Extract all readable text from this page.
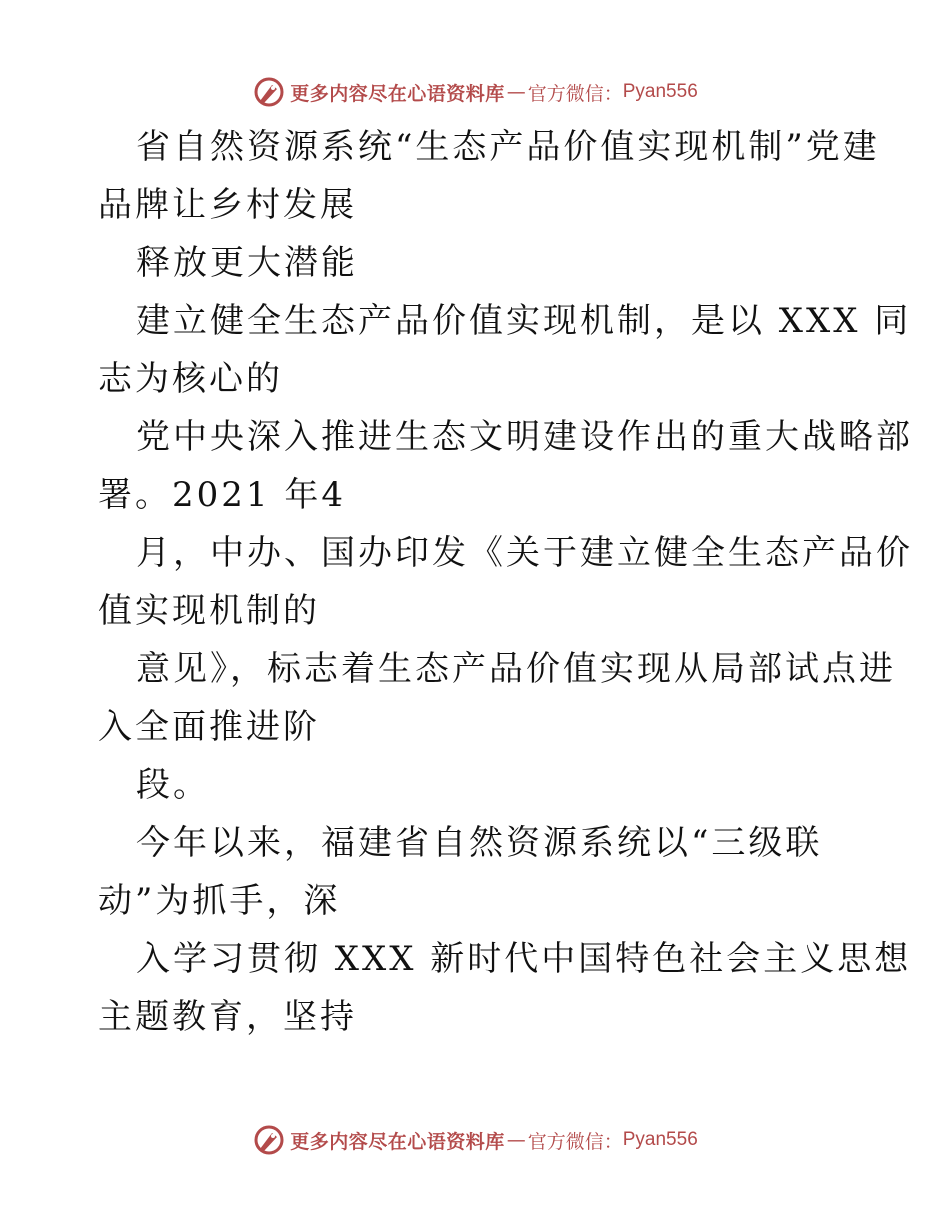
更多内容尽在心语资料库 — 官方微信： Pyan556
省自然资源系统“生态产品价值实现机制”党建
品牌让乡村发展
释放更大潜能
建立健全生态产品价值实现机制，是以 XXX 同
志为核心的
党中央深入推进生态文明建设作出的重大战略部
署。2021 年4
月，中办、国办印发《关于建立健全生态产品价
值实现机制的
意见》，标志着生态产品价值实现从局部试点进
入全面推进阶
段。
今年以来，福建省自然资源系统以“三级联
动”为抓手，深
入学习贯彻 XXX 新时代中国特色社会主义思想
主题教育，坚持
更多内容尽在心语资料库 — 官方微信： Pyan556
